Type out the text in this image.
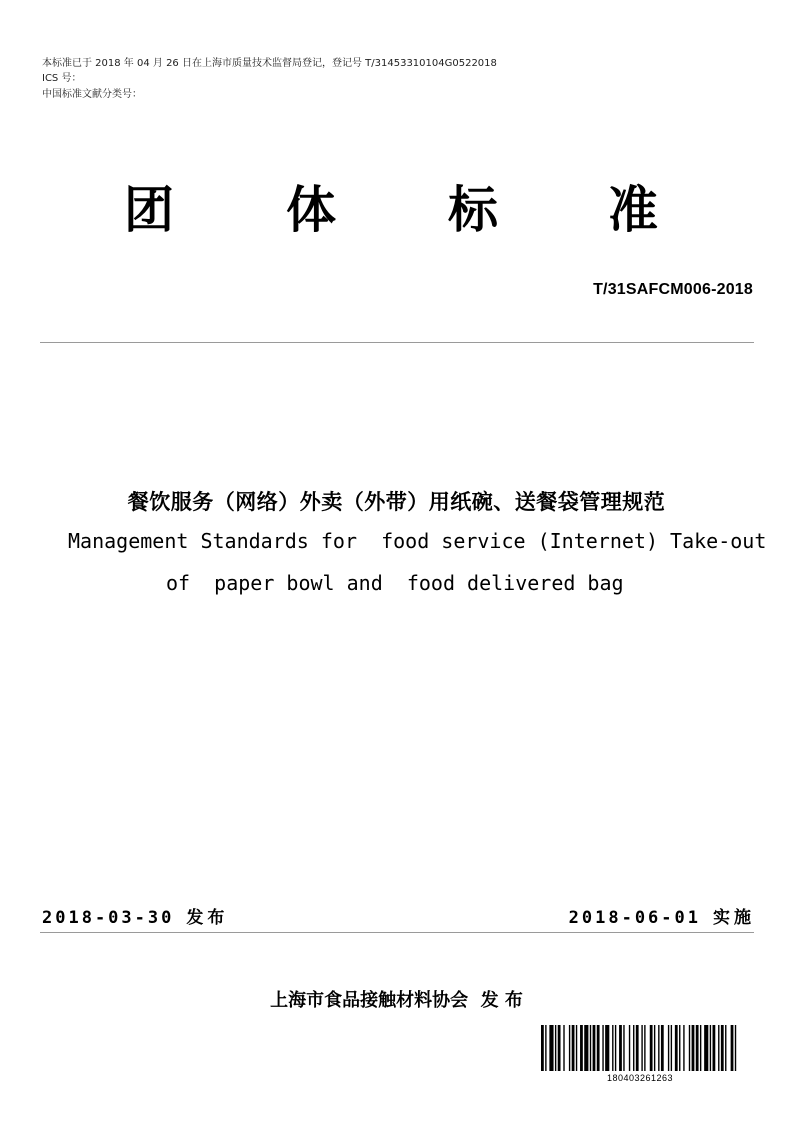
本标准已于 2018 年 04 月 26 日在上海市质量技术监督局登记，登记号 T/31453310104G0522018
ICS 号：
中国标准文献分类号：
团 体 标 准
T/31SAFCM006-2018
餐饮服务（网络）外卖（外带）用纸碗、送餐袋管理规范
Management Standards for  food service (Internet) Take-out
of  paper bowl and  food delivered bag
2018-03-30 发布	2018-06-01 实施
上海市食品接触材料协会  发 布
180403261263
